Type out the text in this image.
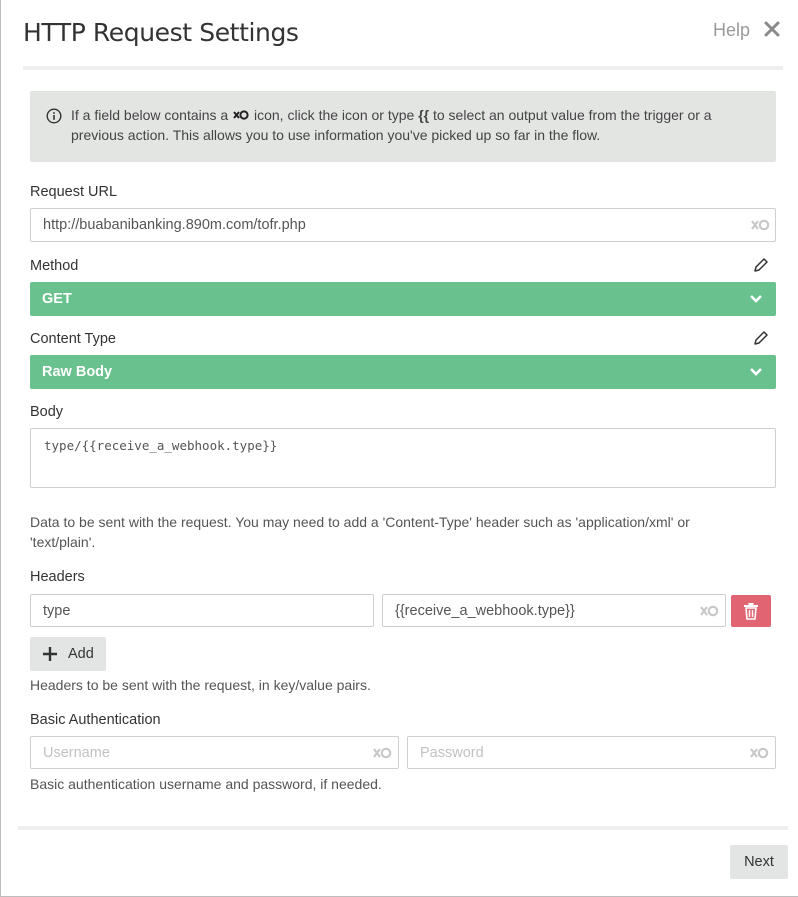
HTTP Request Settings	Help
If a field below contains a  icon, click the icon or type {{ to select an output value from the trigger or a previous action. This allows you to use information you've picked up so far in the flow.
Request URL
http://buabanibanking.890m.com/tofr.php
Method
GET
Content Type
Raw Body
Body
type/{{receive_a_webhook.type}}
Data to be sent with the request. You may need to add a 'Content-Type' header such as 'application/xml' or 'text/plain'.
Headers
type	{{receive_a_webhook.type}}
Add
Headers to be sent with the request, in key/value pairs.
Basic Authentication
Username	Password
Basic authentication username and password, if needed.
Next
